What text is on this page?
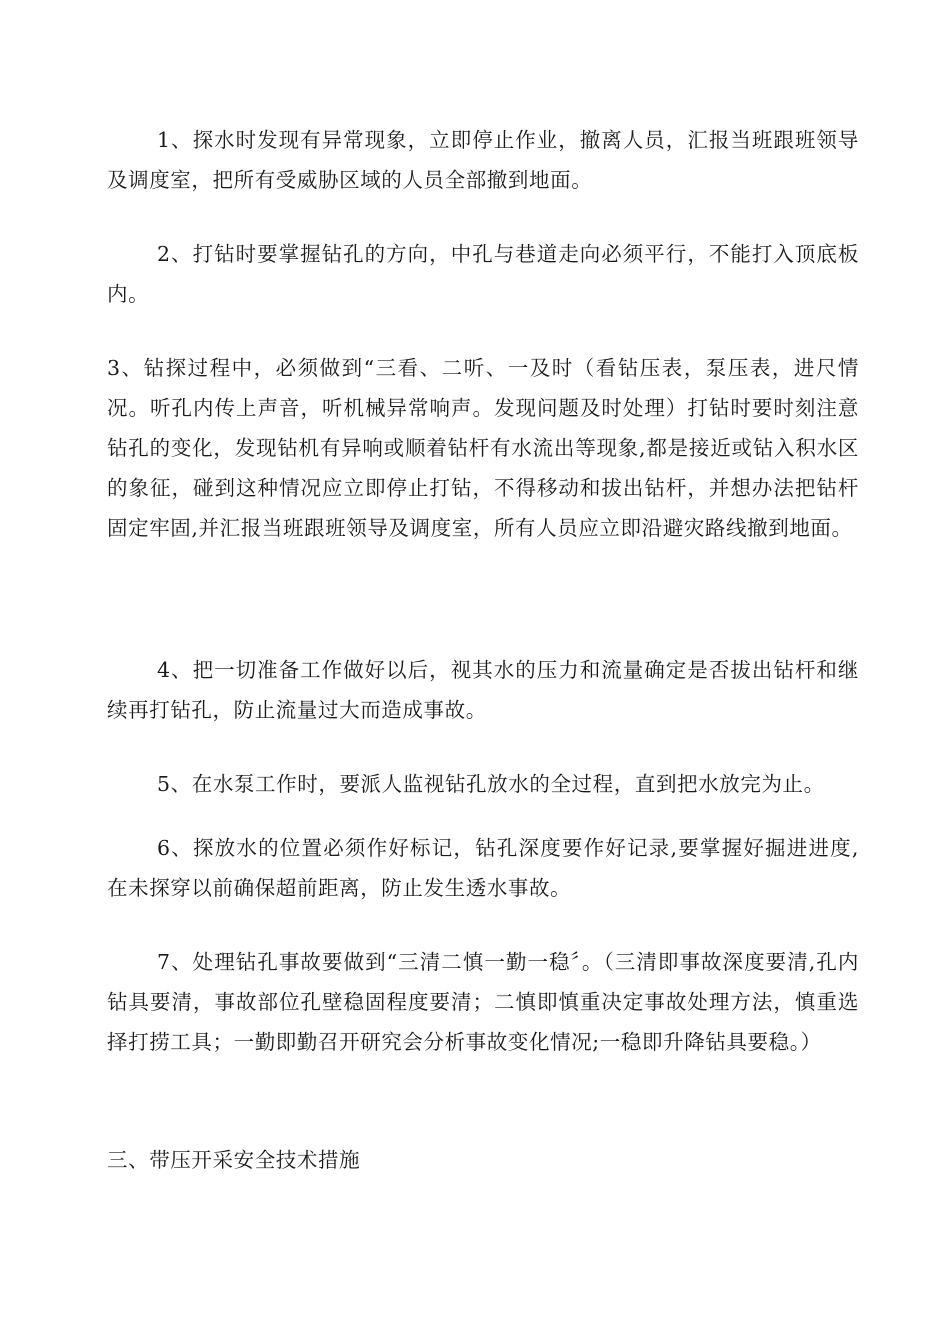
1、探水时发现有异常现象，立即停止作业，撤离人员，汇报当班跟班领导及调度室，把所有受威胁区域的人员全部撤到地面。

2、打钻时要掌握钻孔的方向，中孔与巷道走向必须平行，不能打入顶底板内。

3、钻探过程中，必须做到“三看、二听、一及时（看钻压表，泵压表，进尺情况。听孔内传上声音，听机械异常响声。发现问题及时处理）打钻时要时刻注意钻孔的变化，发现钻机有异响或顺着钻杆有水流出等现象,都是接近或钻入积水区的象征，碰到这种情况应立即停止打钻，不得移动和拔出钻杆，并想办法把钻杆固定牢固,并汇报当班跟班领导及调度室，所有人员应立即沿避灾路线撤到地面。

4、把一切准备工作做好以后，视其水的压力和流量确定是否拔出钻杆和继续再打钻孔，防止流量过大而造成事故。

5、在水泵工作时，要派人监视钻孔放水的全过程，直到把水放完为止。

6、探放水的位置必须作好标记，钻孔深度要作好记录,要掌握好掘进进度,在未探穿以前确保超前距离，防止发生透水事故。

7、处理钻孔事故要做到“三清二慎一勤一稳〞。（三清即事故深度要清,孔内钻具要清，事故部位孔壁稳固程度要清；二慎即慎重决定事故处理方法，慎重选择打捞工具；一勤即勤召开研究会分析事故变化情况;一稳即升降钻具要稳。）

三、带压开采安全技术措施
